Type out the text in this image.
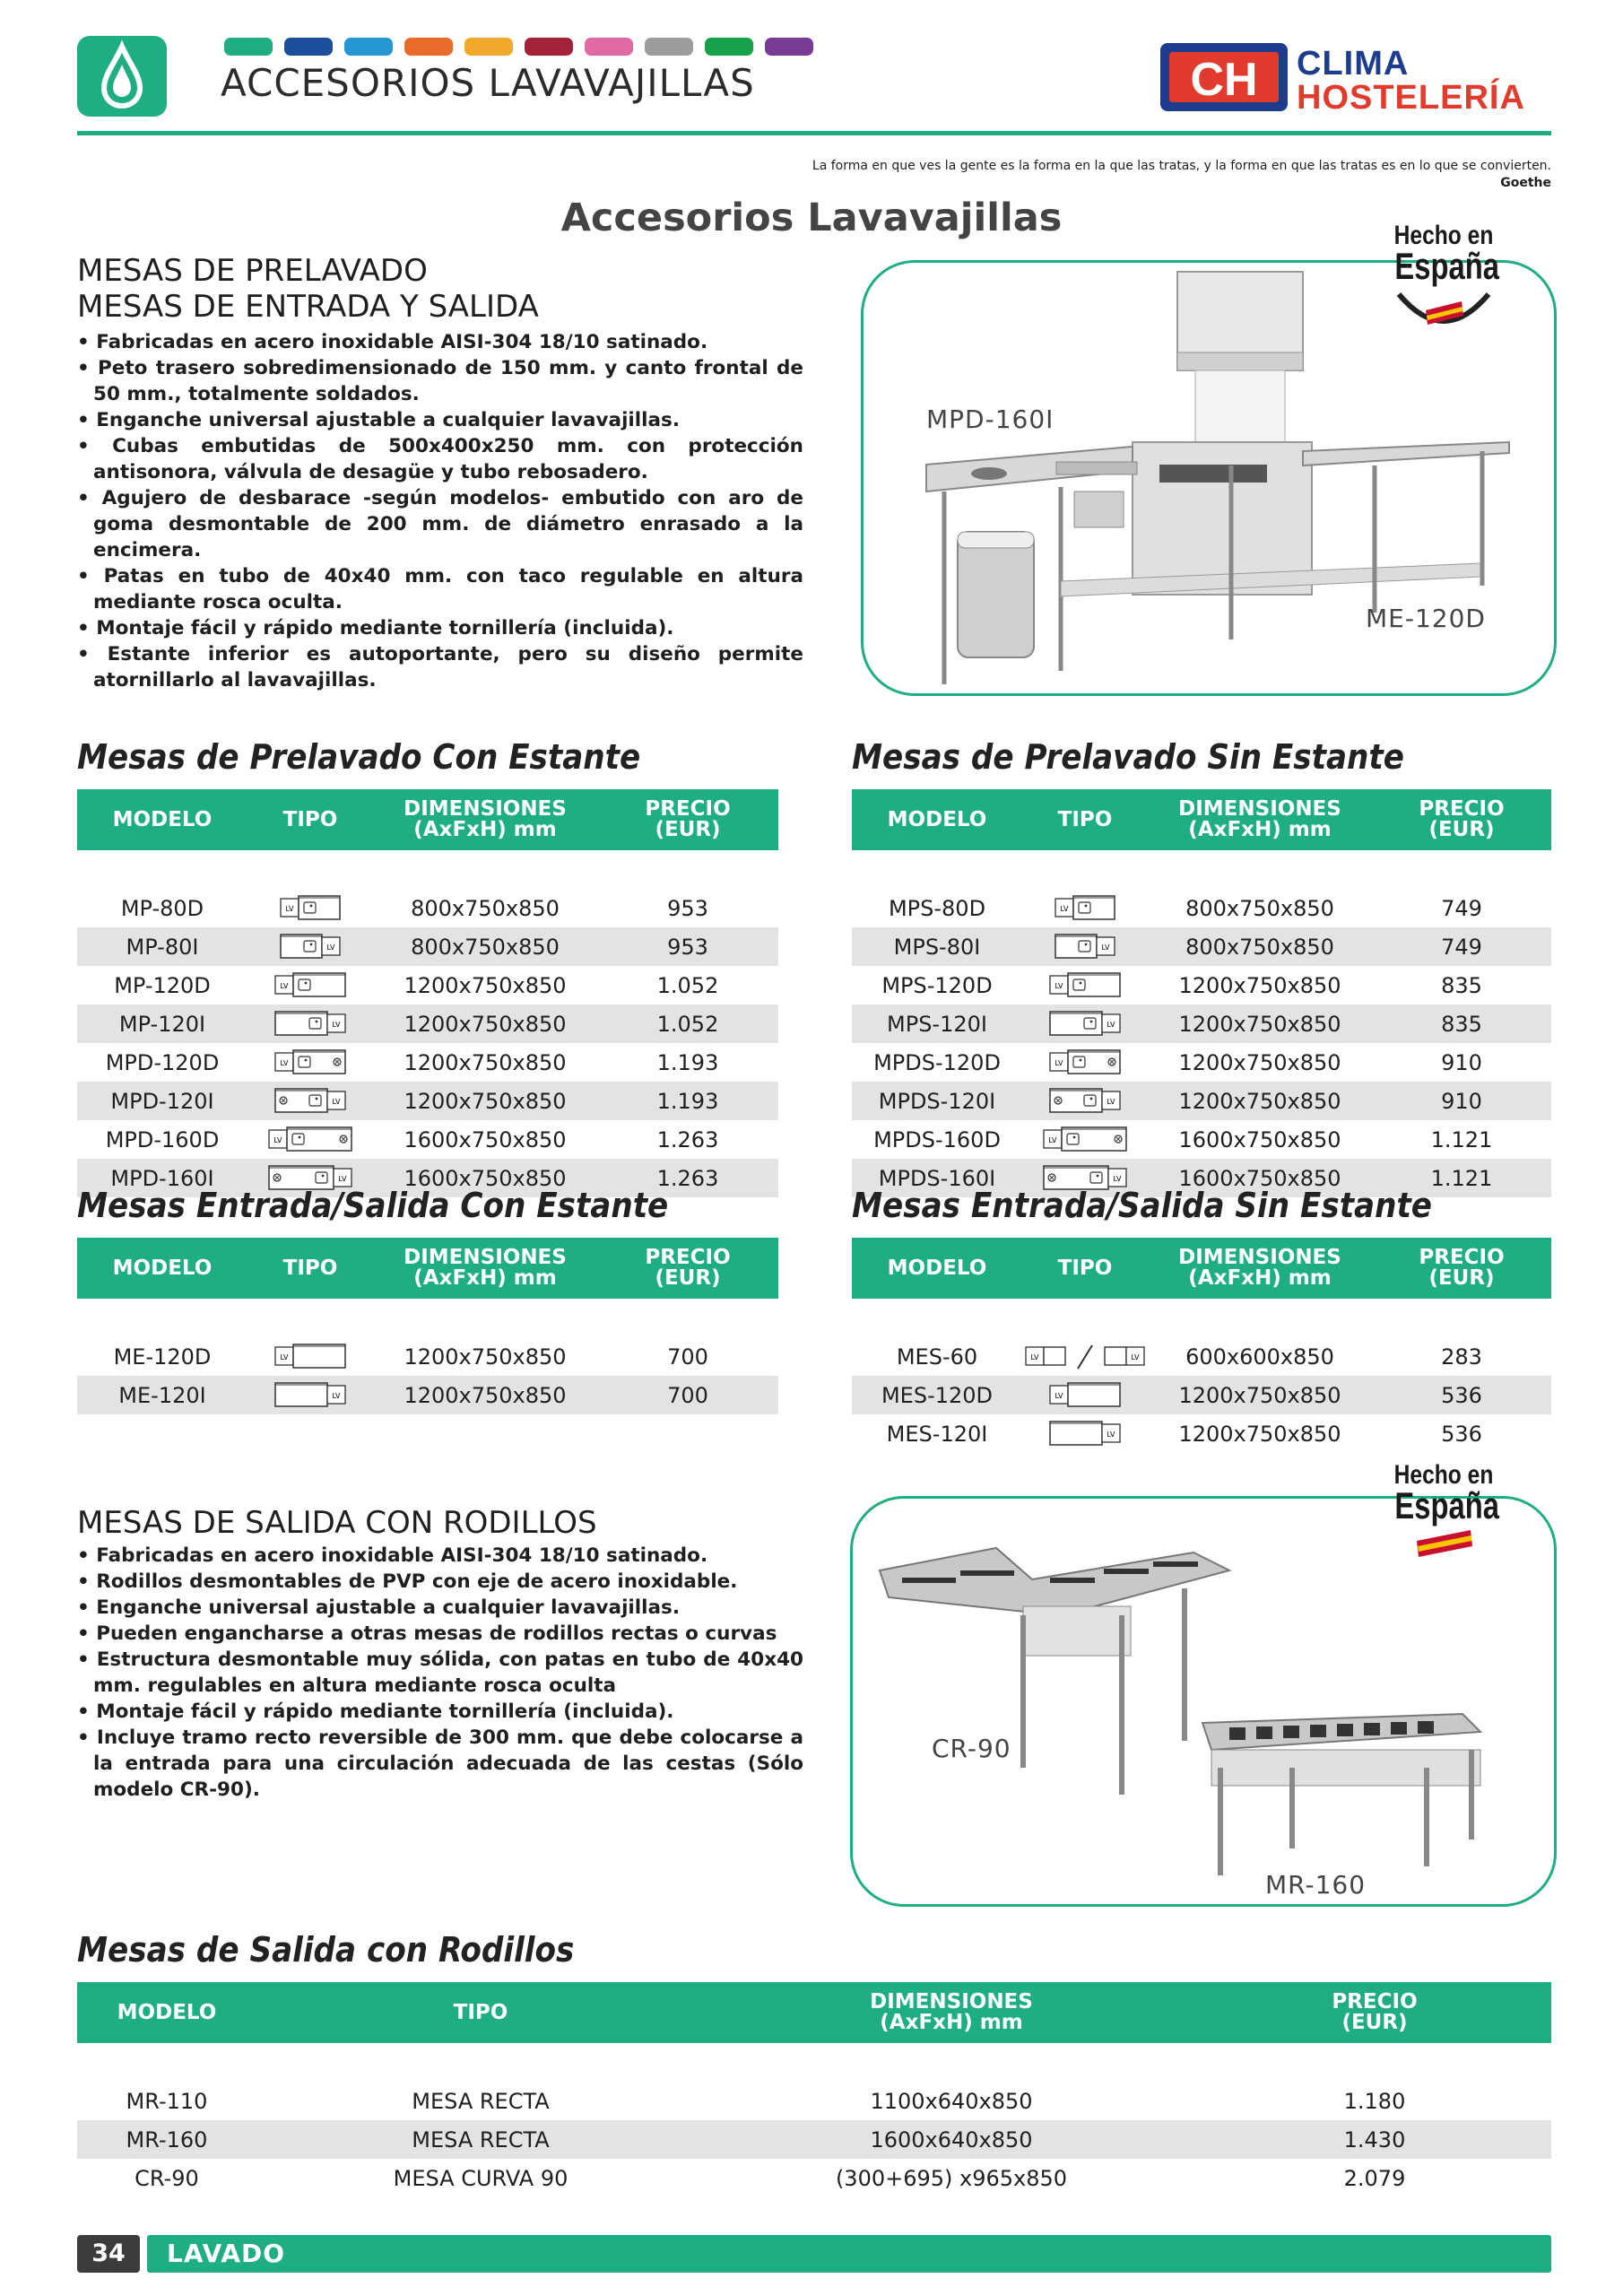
ACCESORIOS LAVAVAJILLAS	CH CLIMA
HOSTELERÍA
La forma en que ves la gente es la forma en la que las tratas, y la forma en que las tratas es en lo que se convierten.
Goethe
Accesorios Lavavajillas
MESAS DE PRELAVADO
MESAS DE ENTRADA Y SALIDA
• Fabricadas en acero inoxidable AISI-304 18/10 satinado.
• Peto trasero sobredimensionado de 150 mm. y canto frontal de 50 mm., totalmente soldados.
• Enganche universal ajustable a cualquier lavavajillas.
• Cubas embutidas de 500x400x250 mm. con protección antisonora, válvula de desagüe y tubo rebosadero.
• Agujero de desbarace -según modelos- embutido con aro de goma desmontable de 200 mm. de diámetro enrasado a la encimera.
• Patas en tubo de 40x40 mm. con taco regulable en altura mediante rosca oculta.
• Montaje fácil y rápido mediante tornillería (incluida).
• Estante inferior es autoportante, pero su diseño permite atornillarlo al lavavajillas.
MPD-160I
ME-120D
Hecho en
España
Mesas de Prelavado Con Estante
MODELO	TIPO	DIMENSIONES
(AxFxH) mm	PRECIO
(EUR)

MP-80D	LV	800x750x850	953
MP-80I	LV	800x750x850	953
MP-120D	LV	1200x750x850	1.052
MP-120I	LV	1200x750x850	1.052
MPD-120D	LV	1200x750x850	1.193
MPD-120I	LV	1200x750x850	1.193
MPD-160D	LV	1600x750x850	1.263
MPD-160I	LV	1600x750x850	1.263
Mesas de Prelavado Sin Estante
MODELO	TIPO	DIMENSIONES
(AxFxH) mm	PRECIO
(EUR)

MPS-80D	LV	800x750x850	749
MPS-80I	LV	800x750x850	749
MPS-120D	LV	1200x750x850	835
MPS-120I	LV	1200x750x850	835
MPDS-120D	LV	1200x750x850	910
MPDS-120I	LV	1200x750x850	910
MPDS-160D	LV	1600x750x850	1.121
MPDS-160I	LV	1600x750x850	1.121
Mesas Entrada/Salida Con Estante
MODELO	TIPO	DIMENSIONES
(AxFxH) mm	PRECIO
(EUR)

ME-120D	LV	1200x750x850	700
ME-120I	LV	1200x750x850	700
Mesas Entrada/Salida Sin Estante
MODELO	TIPO	DIMENSIONES
(AxFxH) mm	PRECIO
(EUR)

MES-60	LV LV	600x600x850	283
MES-120D	LV	1200x750x850	536
MES-120I	LV	1200x750x850	536
MESAS DE SALIDA CON RODILLOS
• Fabricadas en acero inoxidable AISI-304 18/10 satinado.
• Rodillos desmontables de PVP con eje de acero inoxidable.
• Enganche universal ajustable a cualquier lavavajillas.
• Pueden engancharse a otras mesas de rodillos rectas o curvas
• Estructura desmontable muy sólida, con patas en tubo de 40x40 mm. regulables en altura mediante rosca oculta
• Montaje fácil y rápido mediante tornillería (incluida).
• Incluye tramo recto reversible de 300 mm. que debe colocarse a la entrada para una circulación adecuada de las cestas (Sólo modelo CR-90).
CR-90
MR-160
Hecho en
España
Mesas de Salida con Rodillos
MODELO	TIPO	DIMENSIONES
(AxFxH) mm	PRECIO
(EUR)

MR-110	MESA RECTA	1100x640x850	1.180
MR-160	MESA RECTA	1600x640x850	1.430
CR-90	MESA CURVA 90	(300+695) x965x850	2.079
34	LAVADO
